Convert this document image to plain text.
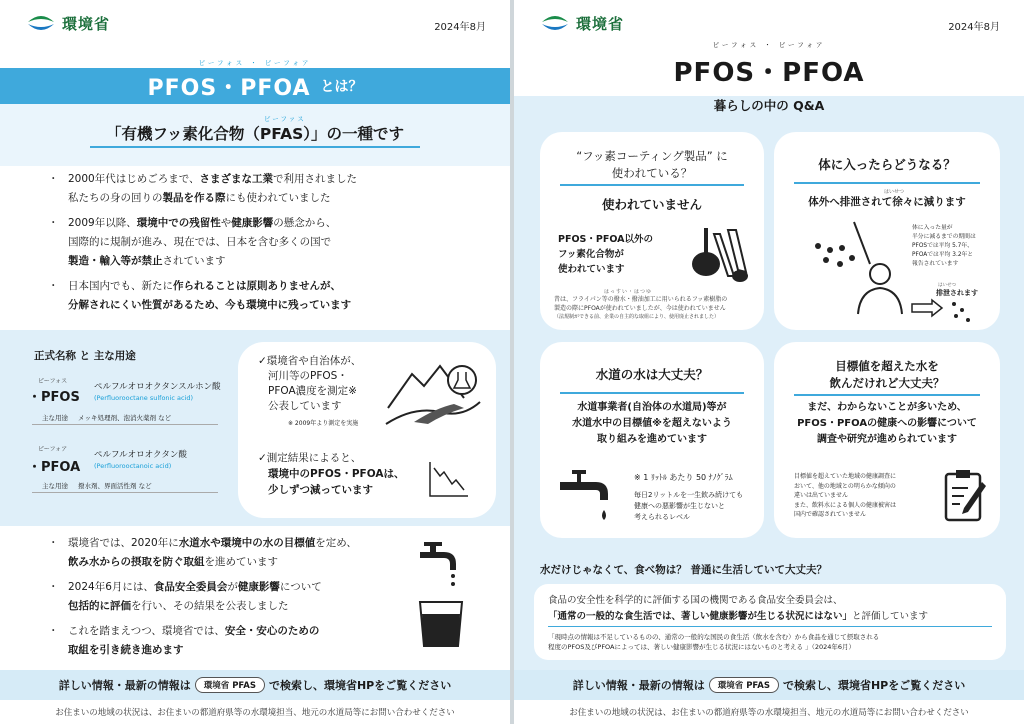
環境省	2024年8月
ピーフォス ・ ピーフォア
PFOS・PFOA とは？
ピーファス
「有機フッ素化合物（PFAS）」の一種です
・ 2000年代はじめごろまで、さまざまな工業で利用されました
私たちの身の回りの製品を作る際にも使われていました
・ 2009年以降、環境中での残留性や健康影響の懸念から、
国際的に規制が進み、現在では、日本を含む多くの国で
製造・輸入等が禁止されています
・ 日本国内でも、新たに作られることは原則ありませんが、
分解されにくい性質があるため、今も環境中に残っています
正式名称 と 主な用途
ピーフォス
・PFOS
ペルフルオロオクタンスルホン酸
(Perfluorooctane sulfonic acid)
主な用途 メッキ処理剤、泡消火薬剤 など
ピーフォア
・PFOA
ペルフルオロオクタン酸
(Perfluorooctanoic acid)
主な用途 撥水剤、界面活性剤 など
✓環境省や自治体が、
河川等のPFOS・
PFOA濃度を測定※
公表しています
※ 2009年より測定を実施
✓測定結果によると、
環境中のPFOS・PFOAは、
少しずつ減っています
・ 環境省では、2020年に水道水や環境中の水の目標値を定め、
飲み水からの摂取を防ぐ取組を進めています
・ 2024年6月には、食品安全委員会が健康影響について
包括的に評価を行い、その結果を公表しました
・ これを踏まえつつ、環境省では、安全・安心のための
取組を引き続き進めます
詳しい情報・最新の情報は	環境省 PFAS	で検索し、環境省HPをご覧ください
お住まいの地域の状況は、お住まいの都道府県等の水環境担当、地元の水道局等にお問い合わせください
環境省	2024年8月
ピーフォス ・ ピーフォア
PFOS・PFOA
暮らしの中の Q&A
“フッ素コーティング製品” に
使われている？
使われていません
PFOS・PFOA以外の
フッ素化合物が
使われています
はっすい・はつゆ
昔は、フライパン等の撥水・撥油加工に用いられるフッ素樹脂の
製造の際にPFOAが使われていましたが、今は使われていません
（法規制ができる前、企業の自主的な取組により、使用廃止されました）
体に入ったらどうなる？
はいせつ
体外へ排泄されて徐々に減ります
体に入った量が
半分に減るまでの期間は
PFOSでは平均 5.7年、
PFOAでは平均 3.2年と
報告されています
はいせつ
排泄されます
水道の水は大丈夫？
水道事業者(自治体の水道局)等が
水道水中の目標値※を超えないよう
取り組みを進めています
※ 1 ﾘｯﾄﾙ あたり 50 ﾅﾉｸﾞﾗﾑ
毎日2リットルを一生飲み続けても
健康への悪影響が生じないと
考えられるレベル
目標値を超えた水を
飲んだけれど大丈夫？
まだ、わからないことが多いため、
PFOS・PFOAの健康への影響について
調査や研究が進められています
目標値を超えていた地域の健康調査に
おいて、他の地域との明らかな傾向の
違いは出ていません
また、飲料水による個人の健康被害は
国内で確認されていません
水だけじゃなくて、食べ物は？ 普通に生活していて大丈夫？
食品の安全性を科学的に評価する国の機関である食品安全委員会は、
「通常の一般的な食生活では、著しい健康影響が生じる状況にはない」と評価しています
「現時点の情報は不足しているものの、通常の一般的な国民の食生活（飲水を含む）から食品を通じて摂取される
程度のPFOS及びPFOAによっては、著しい健康影響が生じる状況にはないものと考える 」（2024年6月）
詳しい情報・最新の情報は	環境省 PFAS	で検索し、環境省HPをご覧ください
お住まいの地域の状況は、お住まいの都道府県等の水環境担当、地元の水道局等にお問い合わせください
